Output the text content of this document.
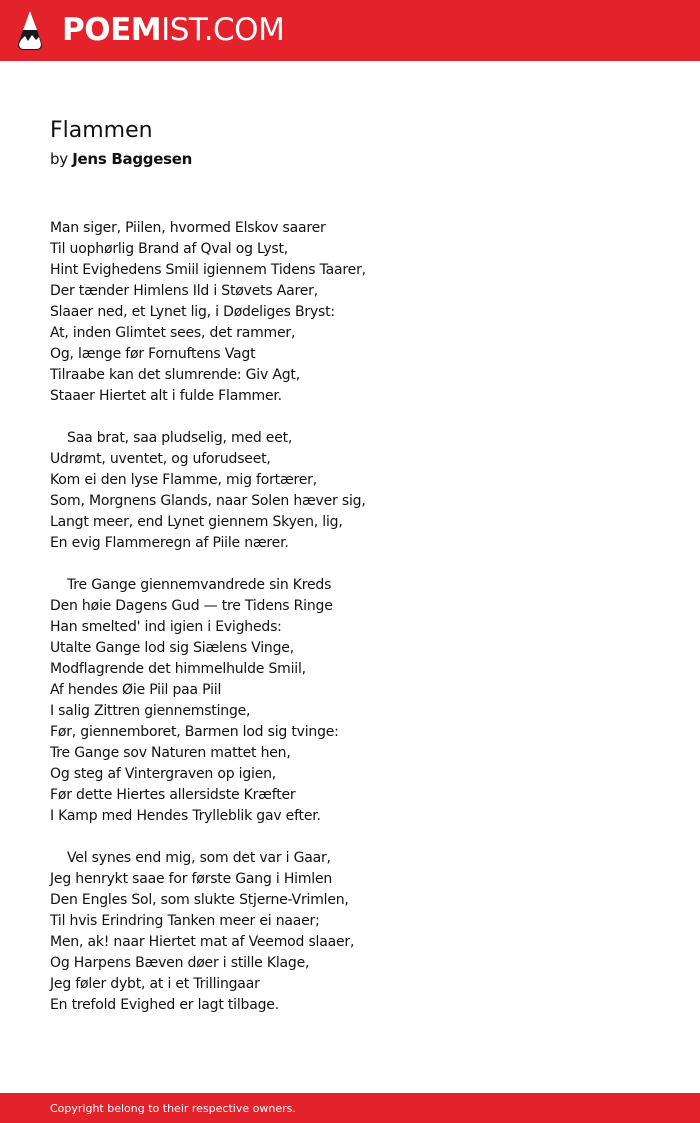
POEMIST.COM
Flammen
by Jens Baggesen
Man siger, Piilen, hvormed Elskov saarer
Til uophørlig Brand af Qval og Lyst,
Hint Evighedens Smiil igiennem Tidens Taarer,
Der tænder Himlens Ild i Støvets Aarer,
Slaaer ned, et Lynet lig, i Dødeliges Bryst:
At, inden Glimtet sees, det rammer,
Og, længe før Fornuftens Vagt
Tilraabe kan det slumrende: Giv Agt,
Staaer Hiertet alt i fulde Flammer.
Saa brat, saa pludselig, med eet,
Udrømt, uventet, og uforudseet,
Kom ei den lyse Flamme, mig fortærer,
Som, Morgnens Glands, naar Solen hæver sig,
Langt meer, end Lynet giennem Skyen, lig,
En evig Flammeregn af Piile nærer.
Tre Gange giennemvandrede sin Kreds
Den høie Dagens Gud — tre Tidens Ringe
Han smelted' ind igien i Evigheds:
Utalte Gange lod sig Siælens Vinge,
Modflagrende det himmelhulde Smiil,
Af hendes Øie Piil paa Piil
I salig Zittren giennemstinge,
Før, giennemboret, Barmen lod sig tvinge:
Tre Gange sov Naturen mattet hen,
Og steg af Vintergraven op igien,
Før dette Hiertes allersidste Kræfter
I Kamp med Hendes Trylleblik gav efter.
Vel synes end mig, som det var i Gaar,
Jeg henrykt saae for første Gang i Himlen
Den Engles Sol, som slukte Stjerne-Vrimlen,
Til hvis Erindring Tanken meer ei naaer;
Men, ak! naar Hiertet mat af Veemod slaaer,
Og Harpens Bæven døer i stille Klage,
Jeg føler dybt, at i et Trillingaar
En trefold Evighed er lagt tilbage.
Copyright belong to their respective owners.
